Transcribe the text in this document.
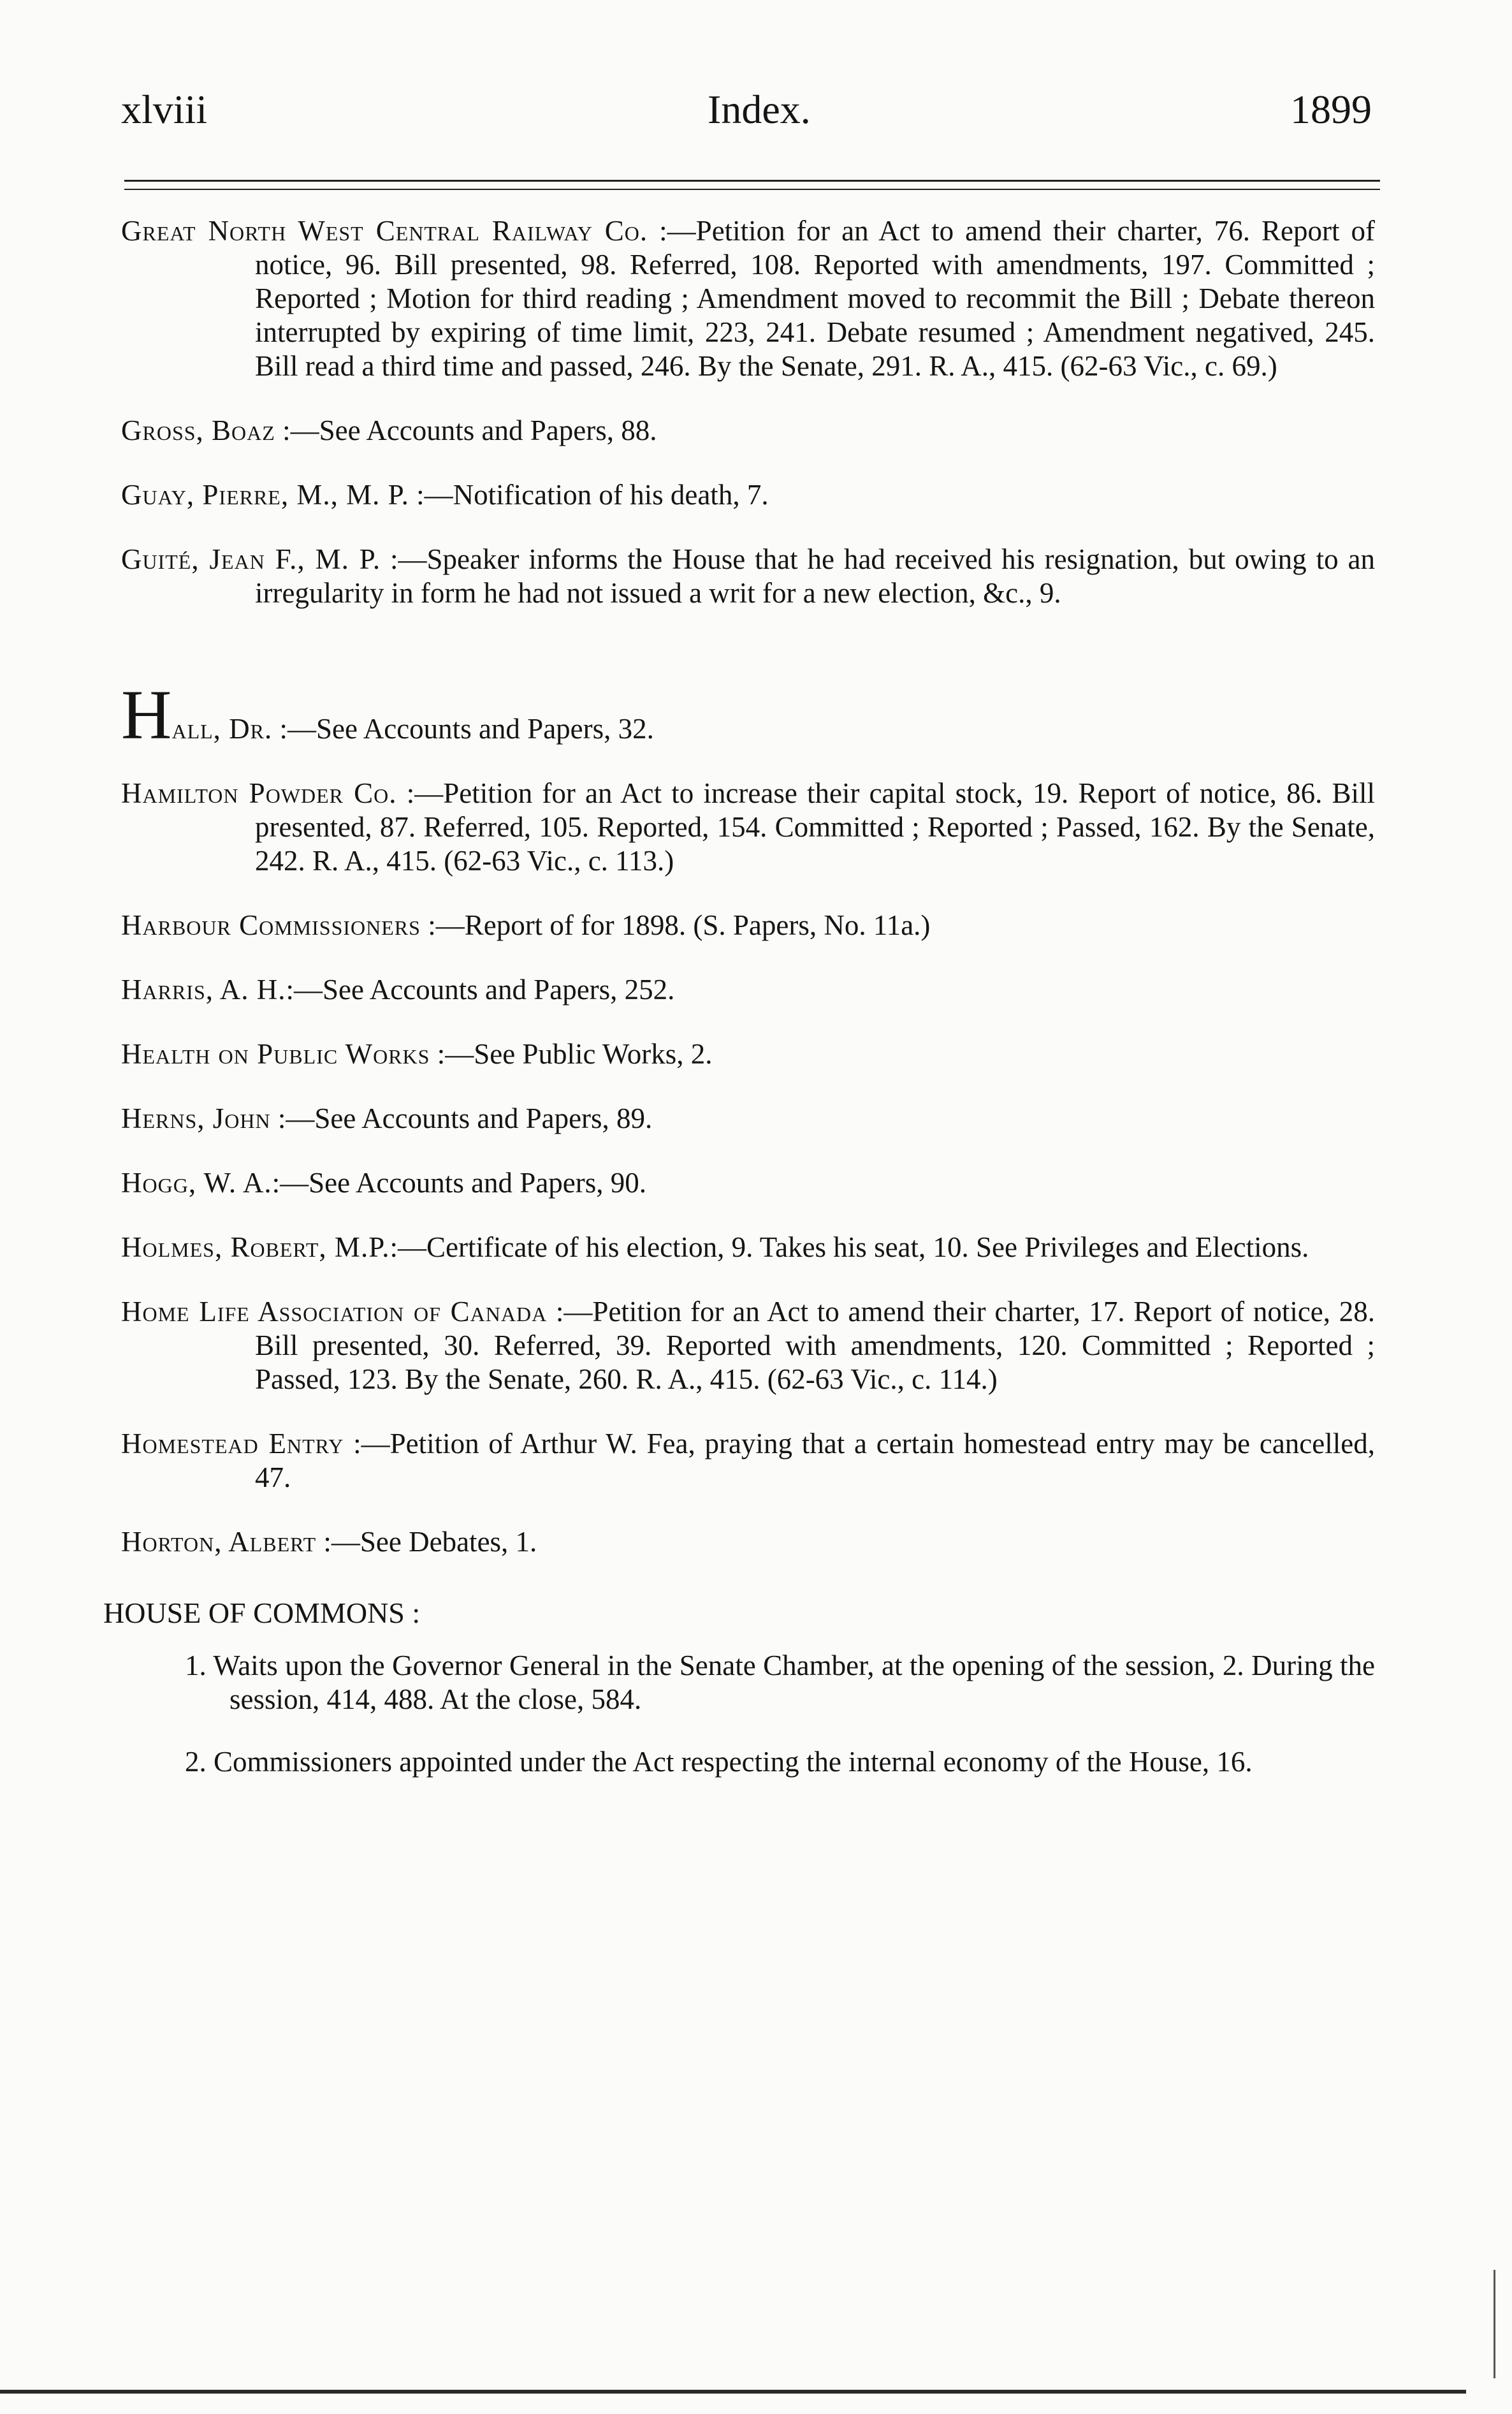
xlviii	Index.	1899

Great North West Central Railway Co. :—Petition for an Act to amend their charter, 76. Report of notice, 96. Bill presented, 98. Referred, 108. Reported with amendments, 197. Committed ; Reported ; Motion for third reading ; Amendment moved to recommit the Bill ; Debate thereon interrupted by expiring of time limit, 223, 241. Debate resumed ; Amendment negatived, 245. Bill read a third time and passed, 246. By the Senate, 291. R. A., 415. (62-63 Vic., c. 69.)

Gross, Boaz :—See Accounts and Papers, 88.

Guay, Pierre, M., M. P. :—Notification of his death, 7.

Guité, Jean F., M. P. :—Speaker informs the House that he had received his resignation, but owing to an irregularity in form he had not issued a writ for a new election, &c., 9.

Hall, Dr. :—See Accounts and Papers, 32.

Hamilton Powder Co. :—Petition for an Act to increase their capital stock, 19. Report of notice, 86. Bill presented, 87. Referred, 105. Reported, 154. Committed ; Reported ; Passed, 162. By the Senate, 242. R. A., 415. (62-63 Vic., c. 113.)

Harbour Commissioners :—Report of for 1898. (S. Papers, No. 11a.)

Harris, A. H.:—See Accounts and Papers, 252.

Health on Public Works :—See Public Works, 2.

Herns, John :—See Accounts and Papers, 89.

Hogg, W. A.:—See Accounts and Papers, 90.

Holmes, Robert, M.P.:—Certificate of his election, 9. Takes his seat, 10. See Privileges and Elections.

Home Life Association of Canada :—Petition for an Act to amend their charter, 17. Report of notice, 28. Bill presented, 30. Referred, 39. Reported with amendments, 120. Committed ; Reported ; Passed, 123. By the Senate, 260. R. A., 415. (62-63 Vic., c. 114.)

Homestead Entry :—Petition of Arthur W. Fea, praying that a certain homestead entry may be cancelled, 47.

Horton, Albert :—See Debates, 1.

HOUSE OF COMMONS :

1. Waits upon the Governor General in the Senate Chamber, at the opening of the session, 2. During the session, 414, 488. At the close, 584.

2. Commissioners appointed under the Act respecting the internal economy of the House, 16.
